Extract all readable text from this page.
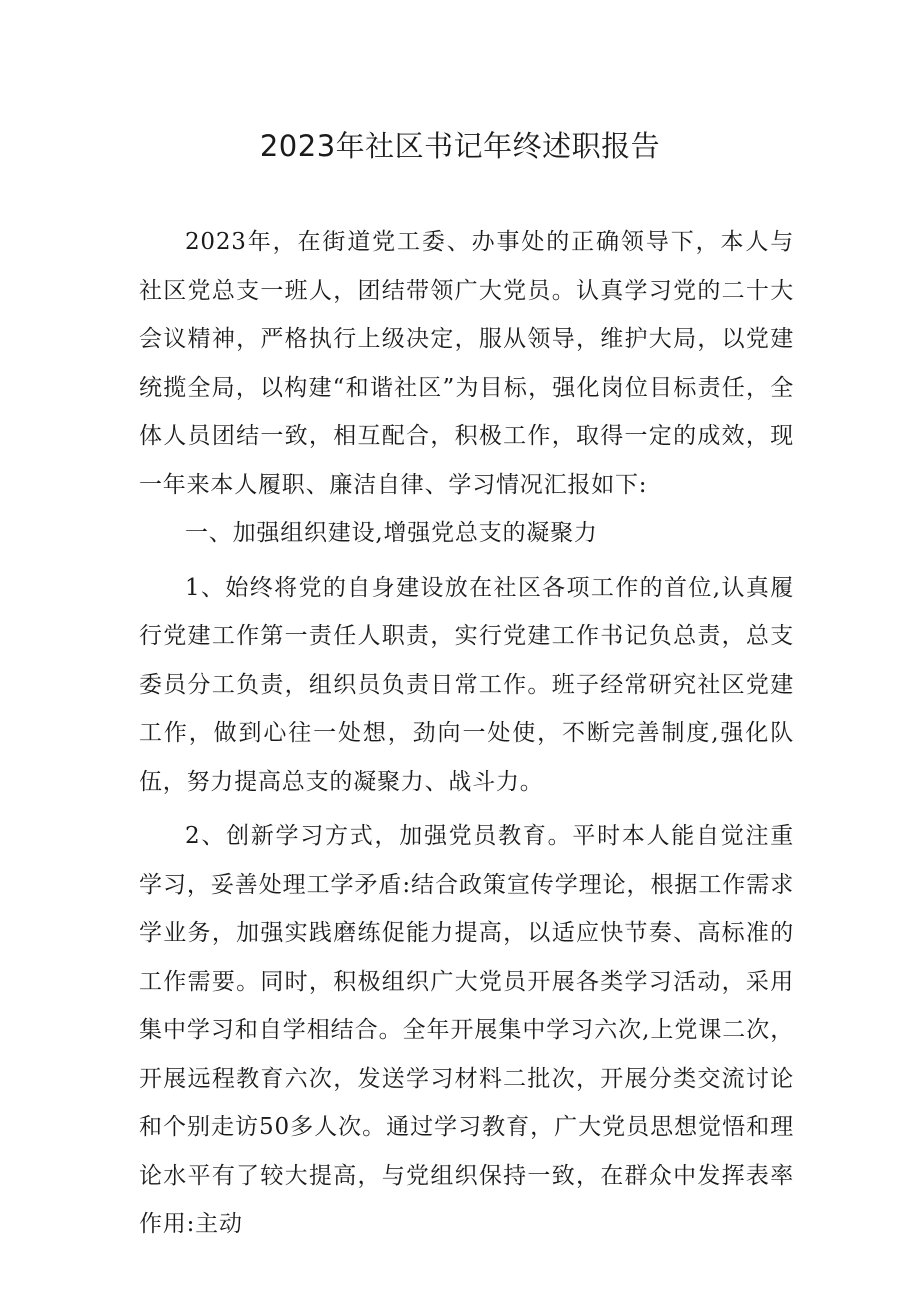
2023年社区书记年终述职报告

2023年，在街道党工委、办事处的正确领导下，本人与社区党总支一班人，团结带领广大党员。认真学习党的二十大会议精神，严格执行上级决定，服从领导，维护大局，以党建统揽全局，以构建“和谐社区”为目标，强化岗位目标责任，全体人员团结一致，相互配合，积极工作，取得一定的成效，现一年来本人履职、廉洁自律、学习情况汇报如下:

一、加强组织建设,增强党总支的凝聚力

1、始终将党的自身建设放在社区各项工作的首位,认真履行党建工作第一责任人职责，实行党建工作书记负总责，总支委员分工负责，组织员负责日常工作。班子经常研究社区党建工作，做到心往一处想，劲向一处使，不断完善制度,强化队伍，努力提高总支的凝聚力、战斗力。

2、创新学习方式，加强党员教育。平时本人能自觉注重学习，妥善处理工学矛盾:结合政策宣传学理论，根据工作需求学业务，加强实践磨练促能力提高，以适应快节奏、高标准的工作需要。同时，积极组织广大党员开展各类学习活动，采用集中学习和自学相结合。全年开展集中学习六次,上党课二次，开展远程教育六次，发送学习材料二批次，开展分类交流讨论和个别走访50多人次。通过学习教育，广大党员思想觉悟和理论水平有了较大提高，与党组织保持一致，在群众中发挥表率作用:主动
